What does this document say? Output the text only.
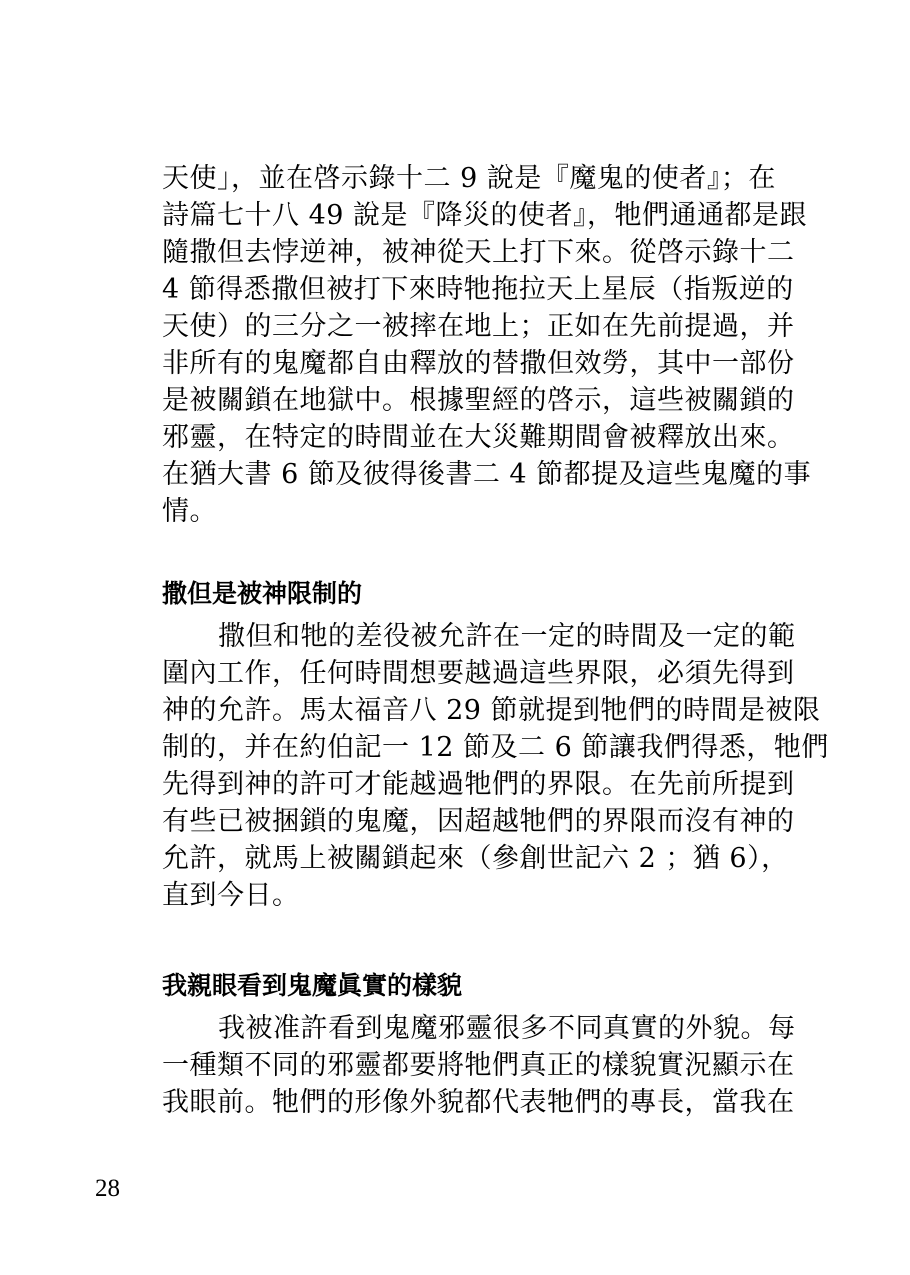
天使」，並在啓示錄十二 9 說是『魔鬼的使者』；在
詩篇七十八 49 說是『降災的使者』，牠們通通都是跟
隨撒但去悖逆神，被神從天上打下來。從啓示錄十二
4 節得悉撒但被打下來時牠拖拉天上星辰（指叛逆的
天使）的三分之一被摔在地上；正如在先前提過，并
非所有的鬼魔都自由釋放的替撒但效勞，其中一部份
是被關鎖在地獄中。根據聖經的啓示，這些被關鎖的
邪靈，在特定的時間並在大災難期間會被釋放出來。
在猶大書 6 節及彼得後書二 4 節都提及這些鬼魔的事
情。
撒但是被神限制的
撒但和牠的差役被允許在一定的時間及一定的範
圍內工作，任何時間想要越過這些界限，必須先得到
神的允許。馬太福音八 29 節就提到牠們的時間是被限
制的，并在約伯記一 12 節及二 6 節讓我們得悉，牠們
先得到神的許可才能越過牠們的界限。在先前所提到
有些已被捆鎖的鬼魔，因超越牠們的界限而沒有神的
允許，就馬上被關鎖起來（參創世記六 2 ；猶 6），
直到今日。
我親眼看到鬼魔眞實的樣貌
我被准許看到鬼魔邪靈很多不同真實的外貌。每
一種類不同的邪靈都要將牠們真正的樣貌實況顯示在
我眼前。牠們的形像外貌都代表牠們的專長，當我在
28
